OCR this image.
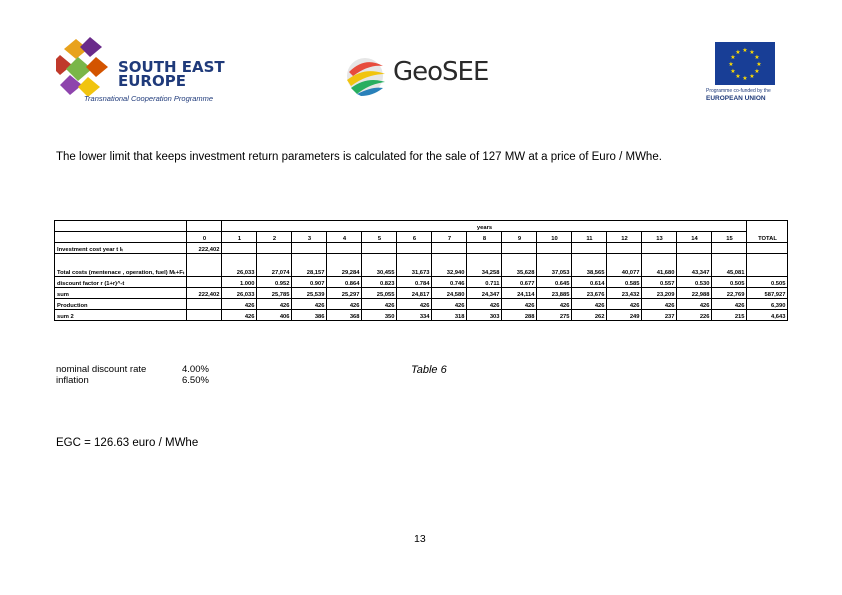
SOUTH EAST
EUROPE
Transnational Cooperation Programme
GeoSEE
★ ★
★
★
★
★
★
★
★
★
★
★
Programme co-funded by the
EUROPEAN UNION
The lower limit that keeps investment return parameters is calculated for the sale of 127 MW at a price of Euro / MWhe.
		years															TOTAL
	0	1	2	3	4	5	6	7	8	9	10	11	12	13	14	15	
Investment cost year t Iₜ	222,402																
Total costs (mentenace , operation, fuel) Mₜ+Fₜ		26,033	27,074	28,157	29,284	30,455	31,673	32,940	34,258	35,628	37,053	38,565	40,077	41,680	43,347	45,081	
discount factor r (1+r)^-t		1.000	0.952	0.907	0.864	0.823	0.784	0.746	0.711	0.677	0.645	0.614	0.585	0.557	0.530	0.505	0.505
sum	222,402	26,033	25,785	25,539	25,297	25,055	24,817	24,580	24,347	24,114	23,885	23,676	23,432	23,209	22,988	22,769	587,927
Production		426	426	426	426	426	426	426	426	426	426	426	426	426	426	426	6,390
sum 2		426	406	386	368	350	334	318	303	288	275	262	249	237	226	215	4,643
nominal discount rate	4.00%
inflation	6.50%
Table 6
EGC = 126.63 euro / MWhe
13
